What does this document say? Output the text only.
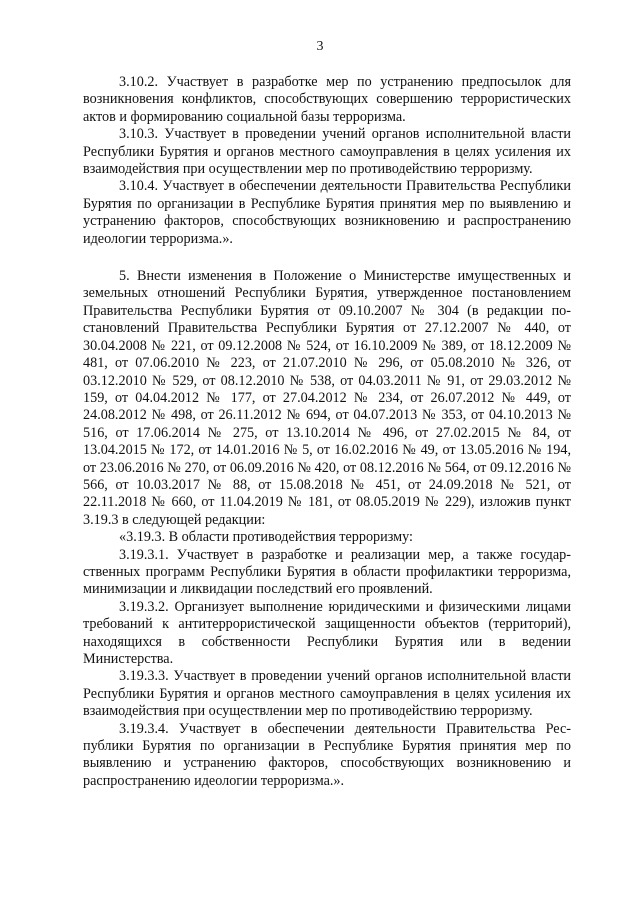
3

3.10.2. Участвует в разработке мер по устранению предпосылок для возникновения конфликтов, способствующих совершению террористических актов и формированию социальной базы терроризма.

3.10.3. Участвует в проведении учений органов исполнительной власти Республики Бурятия и органов местного самоуправления в целях усиления их взаимодействия при осуществлении мер по противодействию терроризму.

3.10.4. Участвует в обеспечении деятельности Правительства Республики Бурятия по организации в Республике Бурятия принятия мер по выявлению и устранению факторов, способствующих возникновению и распространению идеологии терроризма.».

5. Внести изменения в Положение о Министерстве имущественных и земельных отношений Республики Бурятия, утвержденное постановлением Правительства Республики Бурятия от 09.10.2007 № 304 (в редакции постановлений Правительства Республики Бурятия от 27.12.2007 № 440, от 30.04.2008 № 221, от 09.12.2008 № 524, от 16.10.2009 № 389, от 18.12.2009 № 481, от 07.06.2010 № 223, от 21.07.2010 № 296, от 05.08.2010 № 326, от 03.12.2010 № 529, от 08.12.2010 № 538, от 04.03.2011 № 91, от 29.03.2012 № 159, от 04.04.2012 № 177, от 27.04.2012 № 234, от 26.07.2012 № 449, от 24.08.2012 № 498, от 26.11.2012 № 694, от 04.07.2013 № 353, от 04.10.2013 № 516, от 17.06.2014 № 275, от 13.10.2014 № 496, от 27.02.2015 № 84, от 13.04.2015 № 172, от 14.01.2016 № 5, от 16.02.2016 № 49, от 13.05.2016 № 194, от 23.06.2016 № 270, от 06.09.2016 № 420, от 08.12.2016 № 564, от 09.12.2016 № 566, от 10.03.2017 № 88, от 15.08.2018 № 451, от 24.09.2018 № 521, от 22.11.2018 № 660, от 11.04.2019 № 181, от 08.05.2019 № 229), изложив пункт 3.19.3 в следующей редакции:

«3.19.3. В области противодействия терроризму:

3.19.3.1. Участвует в разработке и реализации мер, а также государственных программ Республики Бурятия в области профилактики терроризма, минимизации и ликвидации последствий его проявлений.

3.19.3.2. Организует выполнение юридическими и физическими лицами требований к антитеррористической защищенности объектов (территорий), находящихся в собственности Республики Бурятия или в ведении Министерства.

3.19.3.3. Участвует в проведении учений органов исполнительной власти Республики Бурятия и органов местного самоуправления в целях усиления их взаимодействия при осуществлении мер по противодействию терроризму.

3.19.3.4. Участвует в обеспечении деятельности Правительства Республики Бурятия по организации в Республике Бурятия принятия мер по выявлению и устранению факторов, способствующих возникновению и распространению идеологии терроризма.».
